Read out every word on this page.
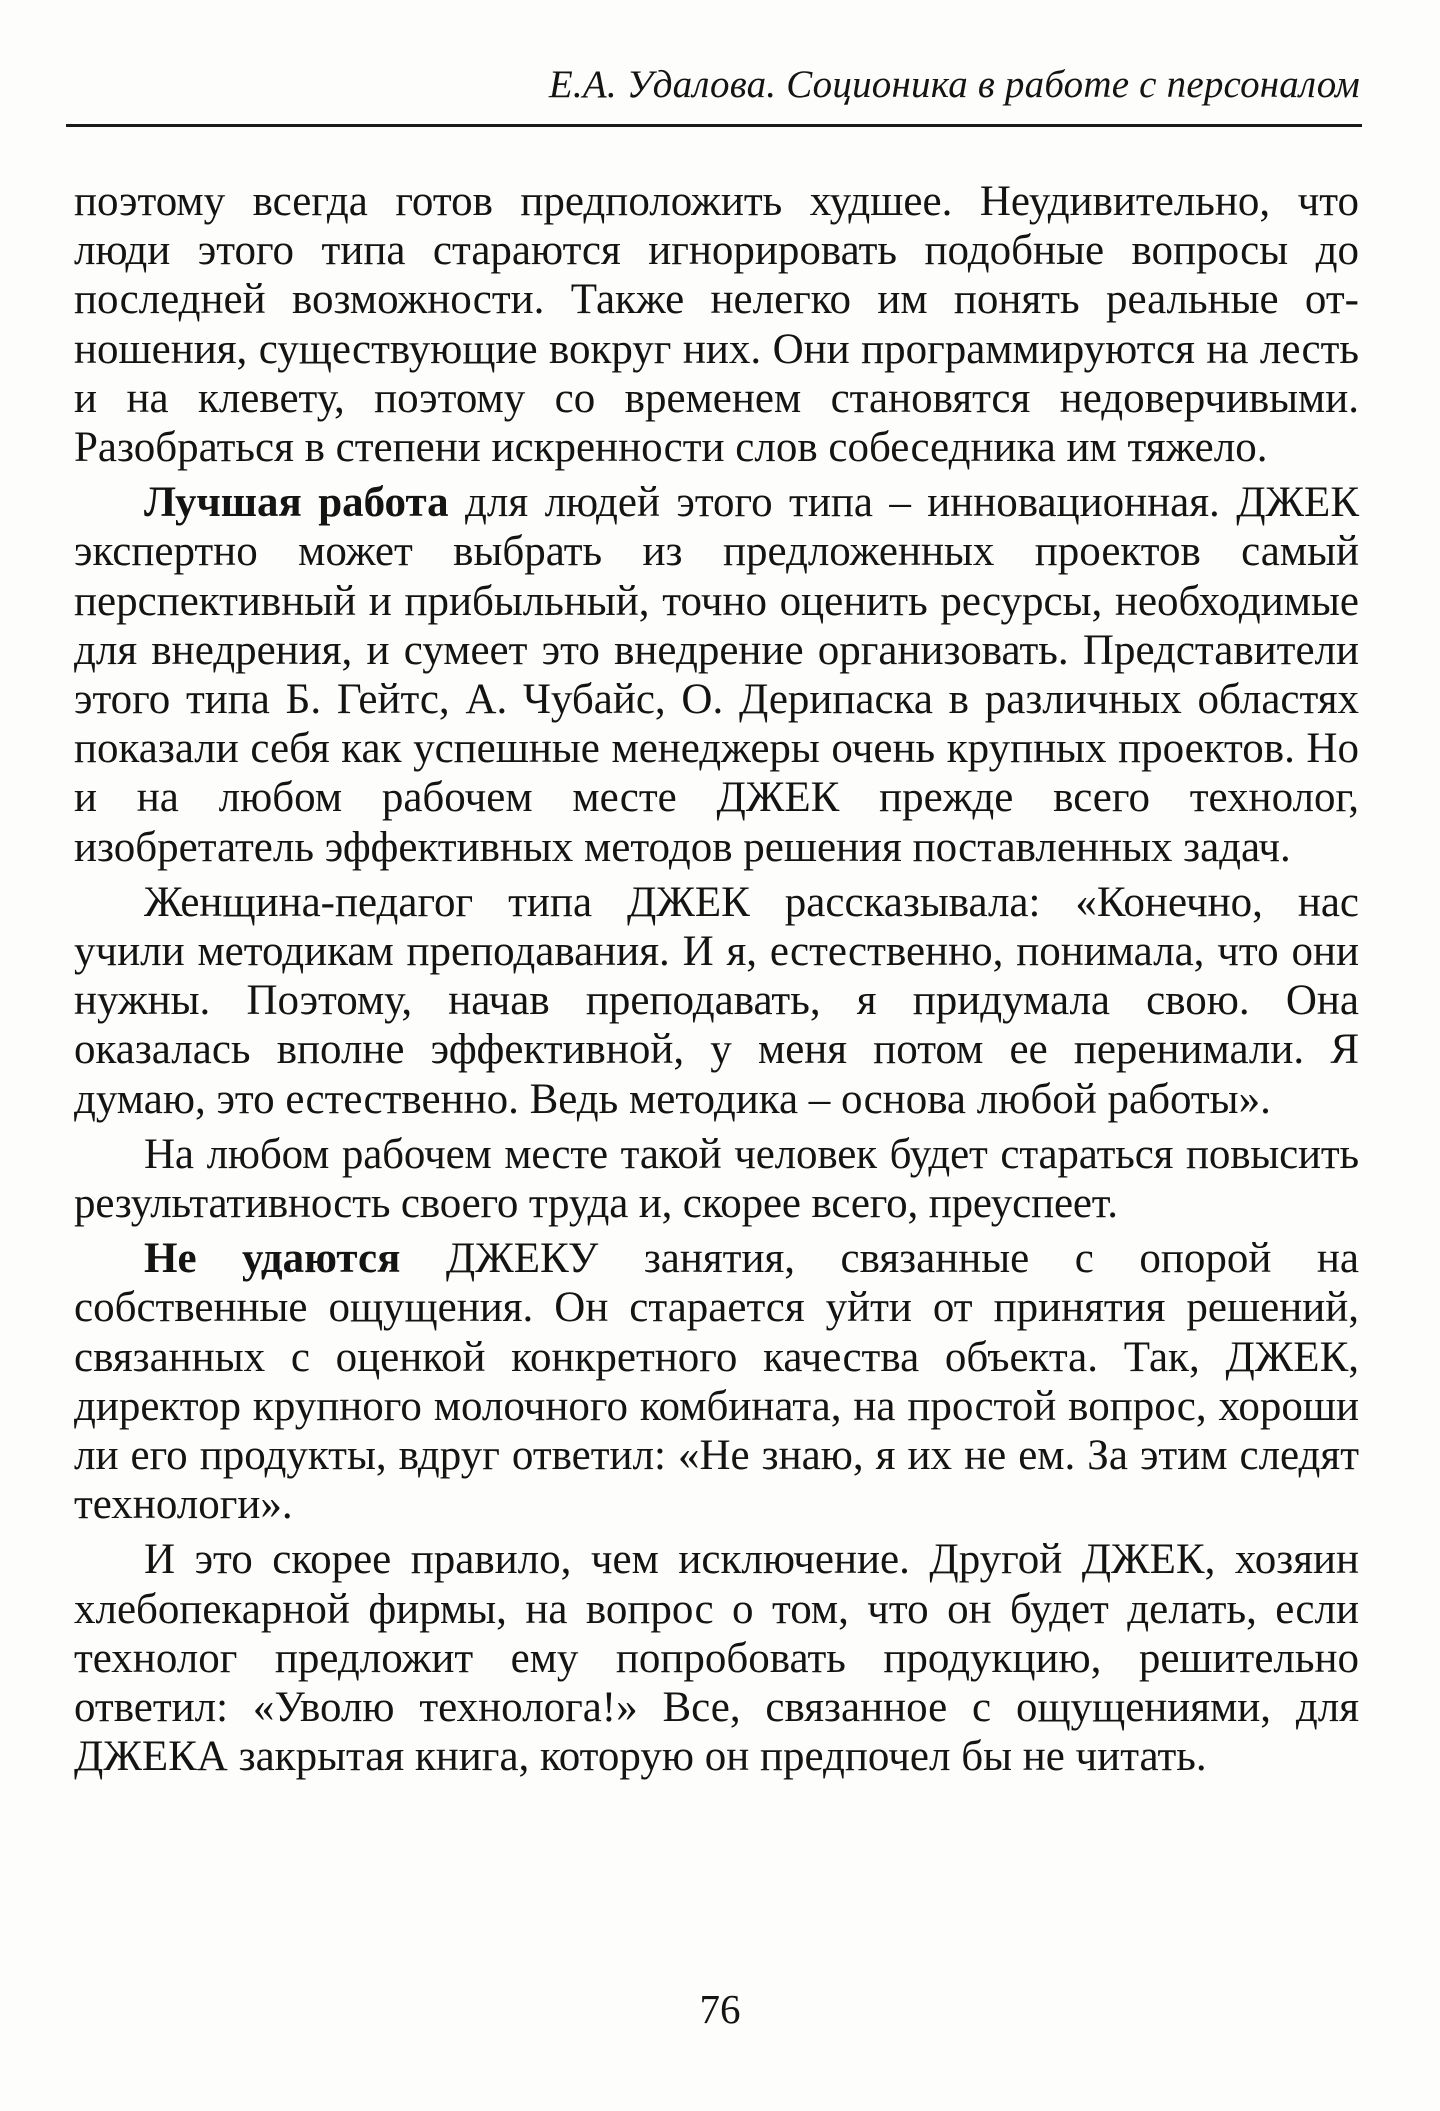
Е.А. Удалова. Соционика в работе с персоналом

поэтому всегда готов предположить худшее. Неудивительно, что люди этого типа стараются игнорировать подобные вопросы до последней возможности. Также нелегко им понять реальные отношения, существующие вокруг них. Они программируются на лесть и на клевету, поэтому со временем становятся недоверчивыми. Разобраться в степени искренности слов собеседника им тяжело.

Лучшая работа для людей этого типа – инновационная. ДЖЕК экспертно может выбрать из предложенных проектов самый перспективный и прибыльный, точно оценить ресурсы, необходимые для внедрения, и сумеет это внедрение организовать. Представители этого типа Б. Гейтс, А. Чубайс, О. Дерипаска в различных областях показали себя как успешные менеджеры очень крупных проектов. Но и на любом рабочем месте ДЖЕК прежде всего технолог, изобретатель эффективных методов решения поставленных задач.

Женщина-педагог типа ДЖЕК рассказывала: «Конечно, нас учили методикам преподавания. И я, естественно, понимала, что они нужны. Поэтому, начав преподавать, я придумала свою. Она оказалась вполне эффективной, у меня потом ее перенимали. Я думаю, это естественно. Ведь методика – основа любой работы».

На любом рабочем месте такой человек будет стараться повысить результативность своего труда и, скорее всего, преуспеет.

Не удаются ДЖЕКУ занятия, связанные с опорой на собственные ощущения. Он старается уйти от принятия решений, связанных с оценкой конкретного качества объекта. Так, ДЖЕК, директор крупного молочного комбината, на простой вопрос, хороши ли его продукты, вдруг ответил: «Не знаю, я их не ем. За этим следят технологи».

И это скорее правило, чем исключение. Другой ДЖЕК, хозяин хлебопекарной фирмы, на вопрос о том, что он будет делать, если технолог предложит ему попробовать продукцию, решительно ответил: «Уволю технолога!» Все, связанное с ощущениями, для ДЖЕКА закрытая книга, которую он предпочел бы не читать.

76
